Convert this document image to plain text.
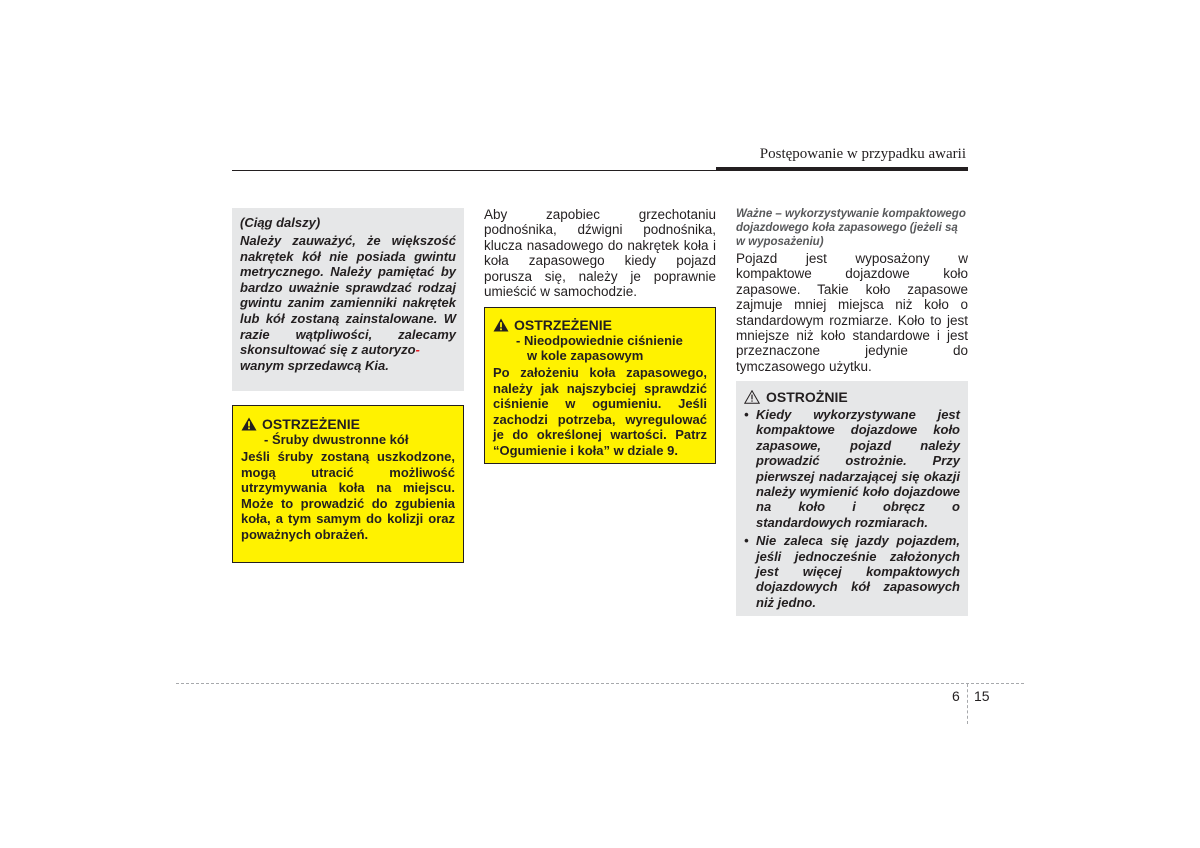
Postępowanie w przypadku awarii

(Ciąg dalszy)

Należy zauważyć, że większość nakrętek kół nie posiada gwintu metrycznego. Należy pamiętać by bardzo uważnie sprawdzać rodzaj gwintu zanim zamienniki nakrętek lub kół zostaną zainstalowane. W razie wątpliwości, zalecamy skonsultować się z autoryzo-
wanym sprzedawcą Kia.

OSTRZEŻENIE
- Śruby dwustronne kół

Jeśli śruby zostaną uszkodzone, mogą utracić możliwość utrzymywania koła na miejscu. Może to prowadzić do zgubienia koła, a tym samym do kolizji oraz poważnych obrażeń.

Aby zapobiec grzechotaniu podnośnika, dźwigni podnośnika, klucza nasadowego do nakrętek koła i koła zapasowego kiedy pojazd porusza się, należy je poprawnie umieścić w samochodzie.

OSTRZEŻENIE
- Nieodpowiednie ciśnienie
w kole zapasowym

Po założeniu koła zapasowego, należy jak najszybciej sprawdzić ciśnienie w ogumieniu. Jeśli zachodzi potrzeba, wyregulować je do określonej wartości. Patrz “Ogumienie i koła” w dziale 9.

Ważne – wykorzystywanie kompaktowego dojazdowego koła zapasowego (jeżeli są w wyposażeniu)

Pojazd jest wyposażony w kompaktowe dojazdowe koło zapasowe. Takie koło zapasowe zajmuje mniej miejsca niż koło o standardowym rozmiarze. Koło to jest mniejsze niż koło standardowe i jest przeznaczone jedynie do tymczasowego użytku.

OSTROŻNIE

• Kiedy wykorzystywane jest kompaktowe dojazdowe koło zapasowe, pojazd należy prowadzić ostrożnie. Przy pierwszej nadarzającej się okazji należy wymienić koło dojazdowe na koło i obręcz o standardowych rozmiarach.

• Nie zaleca się jazdy pojazdem, jeśli jednocześnie założonych jest więcej kompaktowych dojazdowych kół zapasowych niż jedno.

6 15
